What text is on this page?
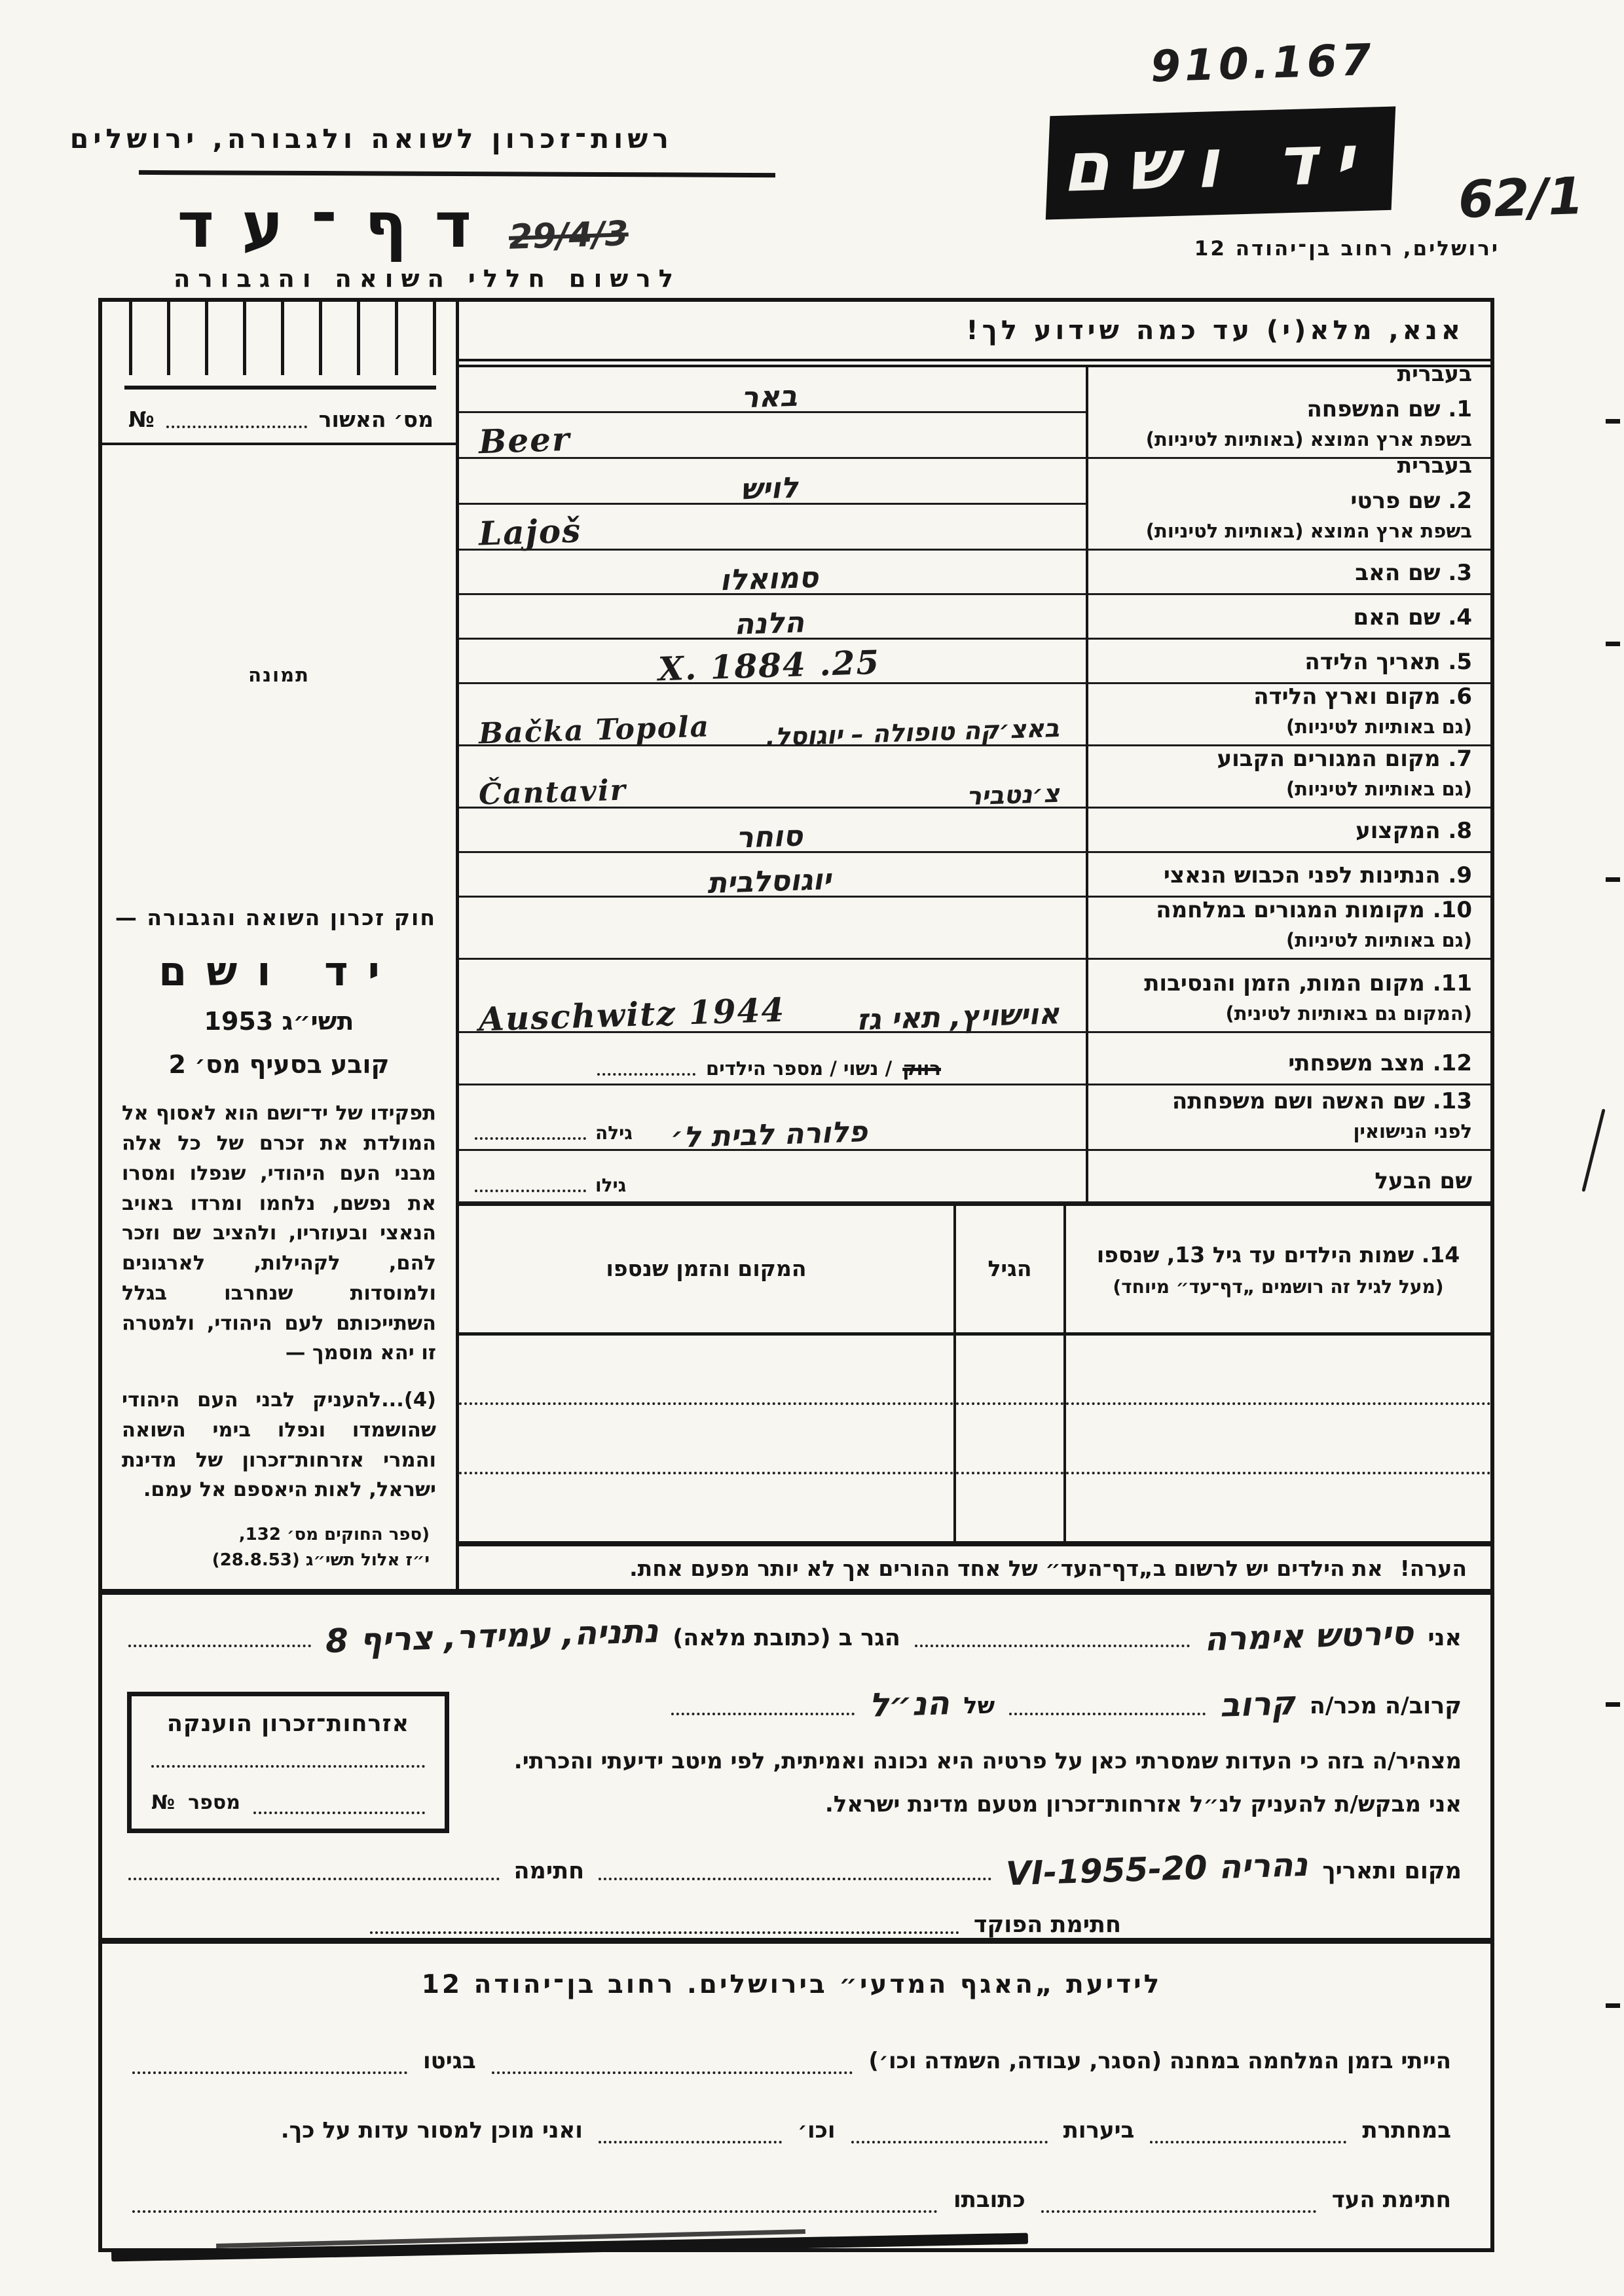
רשות־זכרון לשואה ולגבורה, ירושלים
דף־עד
לרשום חללי השואה והגבורה
29/4/3
910.167
יד ושם 62/1
ירושלים, רחוב בן־יהודה 12
אנא, מלא(י) עד כמה שידוע לך!
בעברית
1. שם המשפחה
בשפת ארץ המוצא (באותיות לטיניות)
באר
Beer
בעברית
2. שם פרטי
בשפת ארץ המוצא (באותיות לטיניות)
לויש
Lajoš
3. שם האב
סמואלו
4. שם האם
הלנה
5. תאריך הלידה
25. X. 1884
6. מקום וארץ הלידה
(גם באותיות לטיניות)
באצ׳קה טופולה – יוגוסל.
Bačka Topola
7. מקום המגורים הקבוע
(גם באותיות לטיניות)
צ׳נטביר
Čantavir
8. המקצוע
סוחר
9. הנתינות לפני הכבוש הנאצי
יוגוסלבית
10. מקומות המגורים במלחמה
(גם באותיות לטיניות)
11. מקום המות, הזמן והנסיבות
(המקום גם באותיות לטינית)
אוישויץ, תאי גז
Auschwitz 1944
12. מצב משפחתי
רווק
/ נשוי / מספר הילדים
13. שם האשה ושם משפחתה
לפני הנישואין
פלורה לבית ל׳
גילה
שם הבעל
גילו
14. שמות הילדים עד גיל 13, שנספו
(מעל לגיל זה רושמים „דף־עד״ מיוחד)
הגיל
המקום והזמן שנספו
הערה!
את הילדים יש לרשום ב„דף־העד״ של אחד ההורים אך לא יותר מפעם אחת.
מס׳ האשור
№
תמונה
חוק זכרון השואה והגבורה —
יד ושם
תשי״ג 1953
קובע בסעיף מס׳ 2
תפקידו של יד־ושם הוא לאסוף אל המולדת את זכרם של כל אלה מבני העם היהודי, שנפלו ומסרו את נפשם, נלחמו ומרדו באויב הנאצי ובעוזריו, ולהציב שם וזכר להם, לקהילות, לארגונים ולמוסדות שנחרבו בגלל השתייכותם לעם היהודי, ולמטרה זו יהא מוסמך —
(4)...להעניק לבני העם היהודי שהושמדו ונפלו בימי השואה והמרי אזרחות־זכרון של מדינת ישראל, לאות היאספם אל עמם.
(ספר החוקים מס׳ 132,
י״ז אלול תשי״ג (28.8.53)
אני
סירטש אימרה
הגר ב (כתובת מלאה)
נתניה, עמידר, צריף 8
קרוב/ה מכר/ה
קרוב
של
הנ״ל
מצהיר/ה בזה כי העדות שמסרתי כאן על פרטיה היא נכונה ואמיתית, לפי מיטב ידיעתי והכרתי.
אני מבקש/ת להעניק לנ״ל אזרחות־זכרון מטעם מדינת ישראל.
מקום ותאריך
נהריה 20-VI-1955
חתימה
חתימת הפוקד
אזרחות־זכרון הוענקה
מספר
№
לידיעת „האגף המדעי״ בירושלים. רחוב בן־יהודה 12
הייתי בזמן המלחמה במחנה (הסגר, עבודה, השמדה וכו׳)
בגיטו
במחתרת
ביערות
וכו׳
ואני מוכן למסור עדות על כך.
חתימת העד
כתובתו
